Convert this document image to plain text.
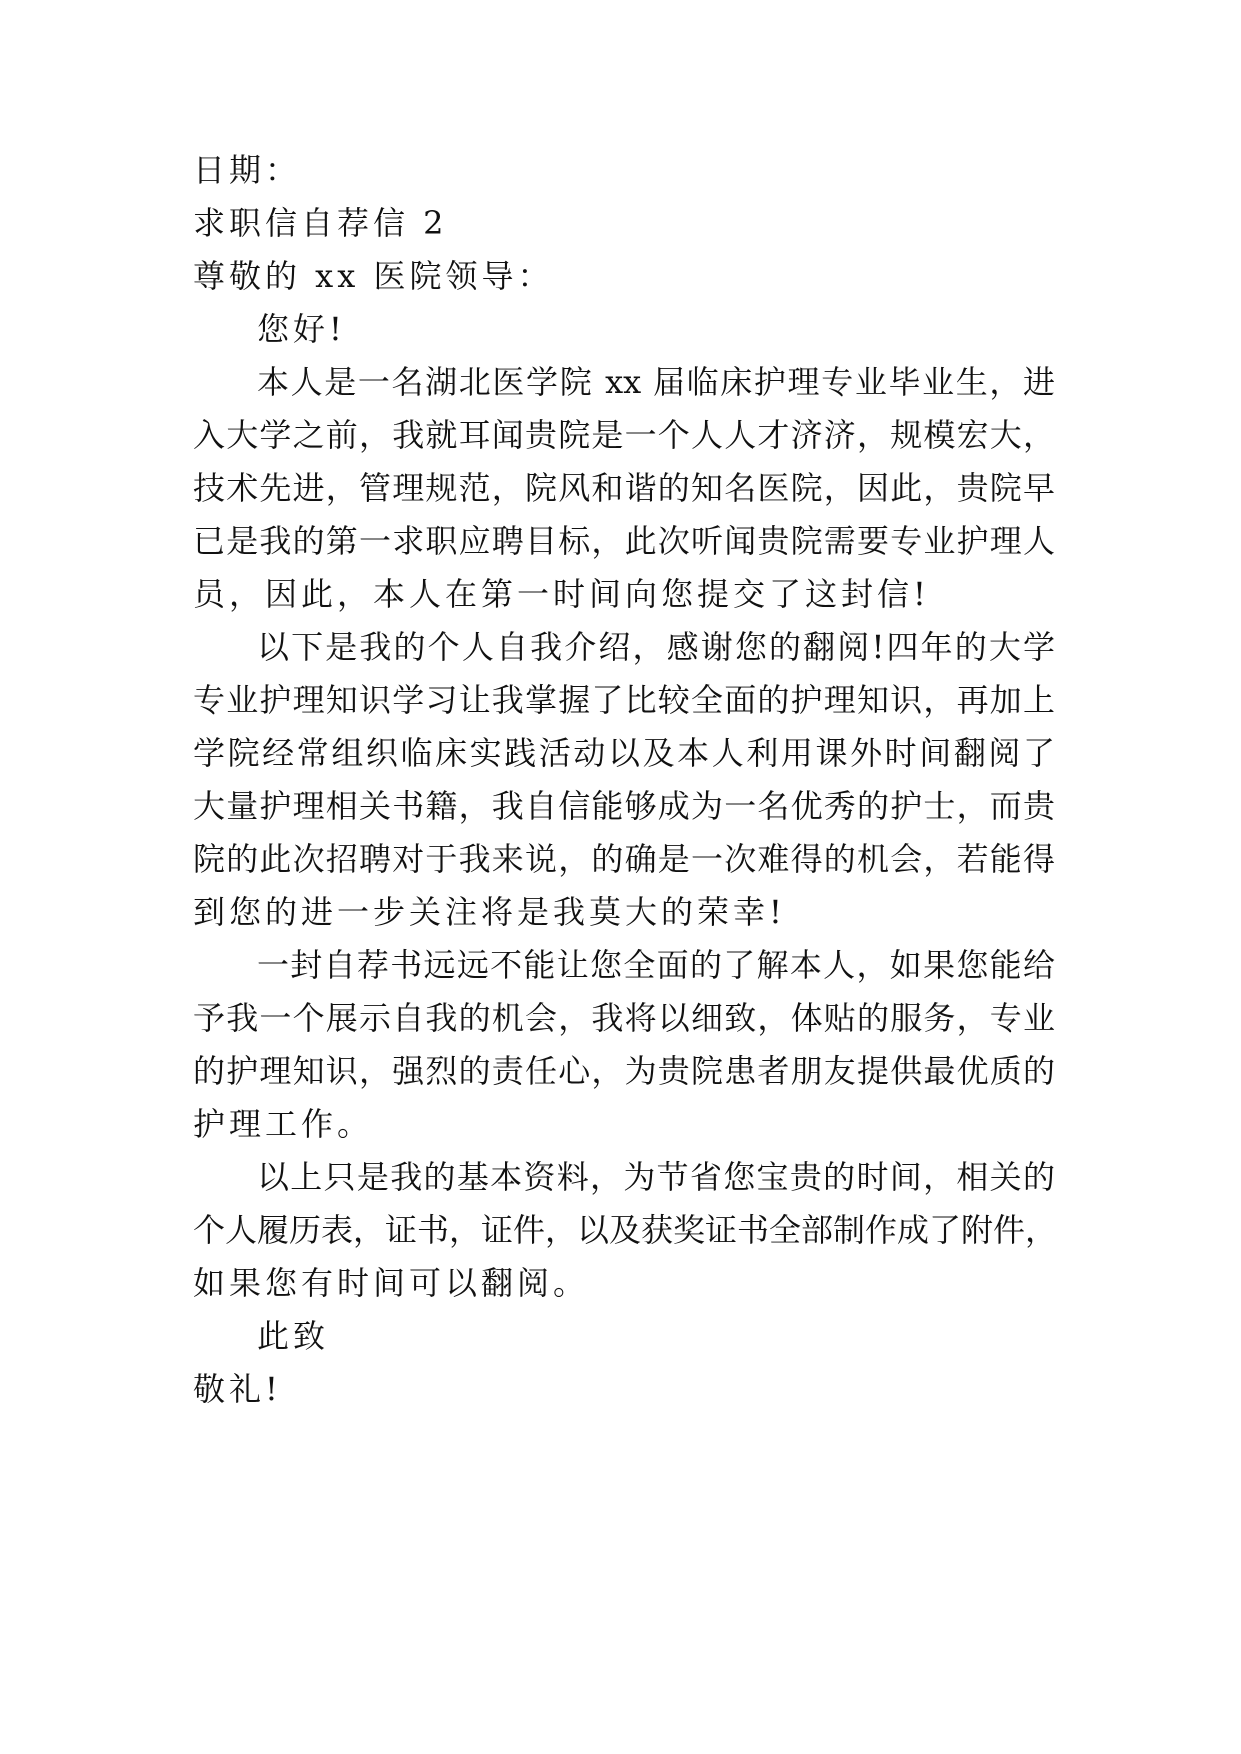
日期：
求职信自荐信 2
尊敬的 xx 医院领导：
您好!
本人是一名湖北医学院 xx 届临床护理专业毕业生，进
入大学之前，我就耳闻贵院是一个人人才济济，规模宏大，
技术先进，管理规范，院风和谐的知名医院，因此，贵院早
已是我的第一求职应聘目标，此次听闻贵院需要专业护理人
员，因此，本人在第一时间向您提交了这封信!
以下是我的个人自我介绍，感谢您的翻阅!四年的大学
专业护理知识学习让我掌握了比较全面的护理知识，再加上
学院经常组织临床实践活动以及本人利用课外时间翻阅了
大量护理相关书籍，我自信能够成为一名优秀的护士，而贵
院的此次招聘对于我来说，的确是一次难得的机会，若能得
到您的进一步关注将是我莫大的荣幸!
一封自荐书远远不能让您全面的了解本人，如果您能给
予我一个展示自我的机会，我将以细致，体贴的服务，专业
的护理知识，强烈的责任心，为贵院患者朋友提供最优质的
护理工作。
以上只是我的基本资料，为节省您宝贵的时间，相关的
个人履历表，证书，证件，以及获奖证书全部制作成了附件，
如果您有时间可以翻阅。
此致
敬礼!
